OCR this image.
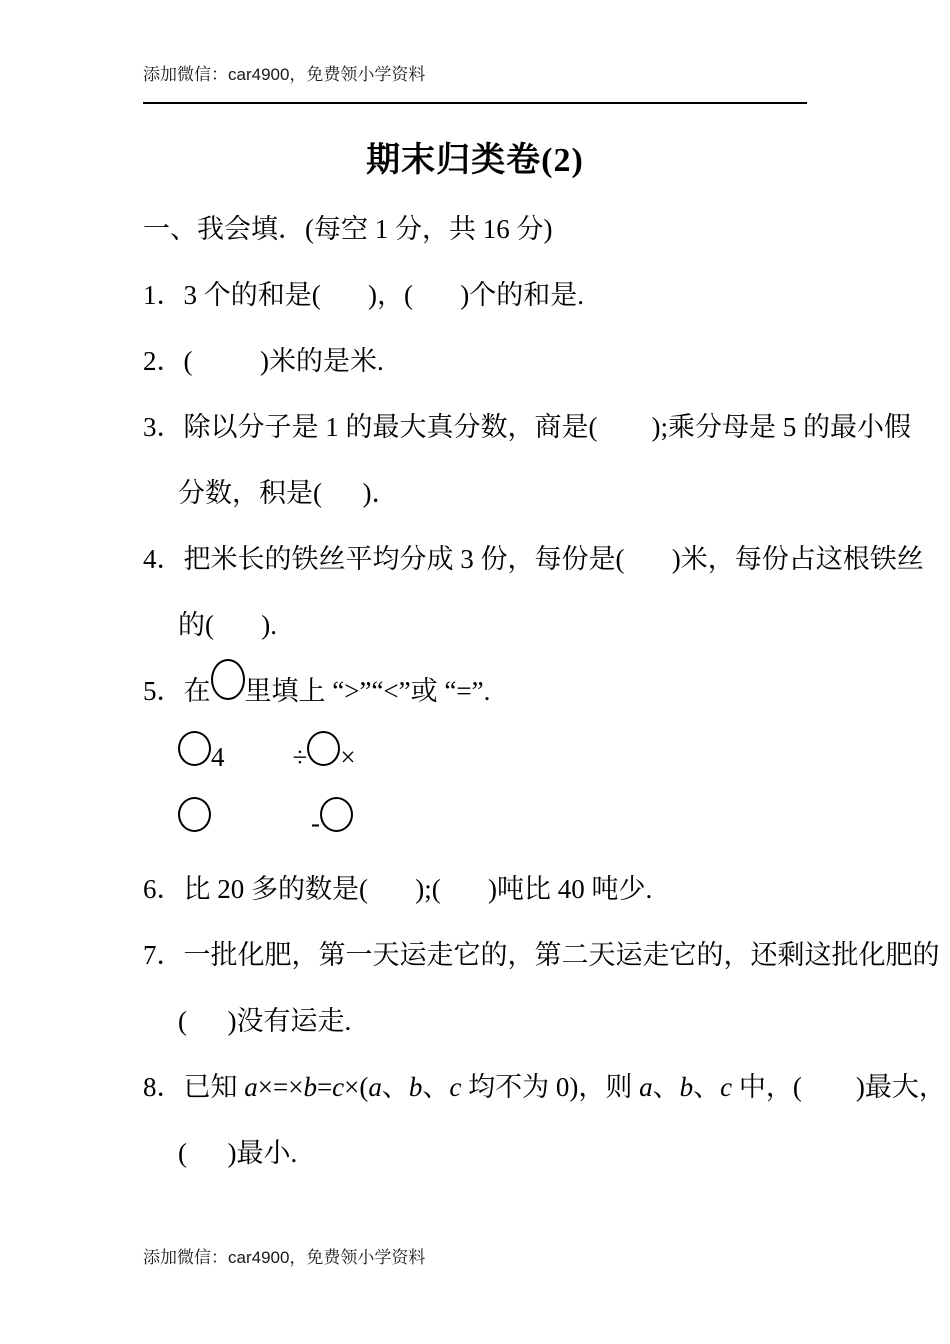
添加微信：car4900，免费领小学资料
期末归类卷(2)
一、我会填．(每空 1 分，共 16 分)
1．3 个的和是(       )，(       )个的和是.
2．(          )米的是米.
3．除以分子是 1 的最大真分数，商是(        );乘分母是 5 的最小假
分数，积是(      )．
4．把米长的铁丝平均分成 3 份，每份是(       )米，每份占这根铁丝
的(       ).
5．在 里填上 “>”“<”或 “=”.
4	÷ ×
-
6．比 20 多的数是(       );(       )吨比 40 吨少.
7．一批化肥，第一天运走它的，第二天运走它的，还剩这批化肥的
(      )没有运走.
8．已知 a×=×b=c×(a、b、c 均不为 0)，则 a、b、c 中，(        )最大，
(      )最小.
添加微信：car4900，免费领小学资料
